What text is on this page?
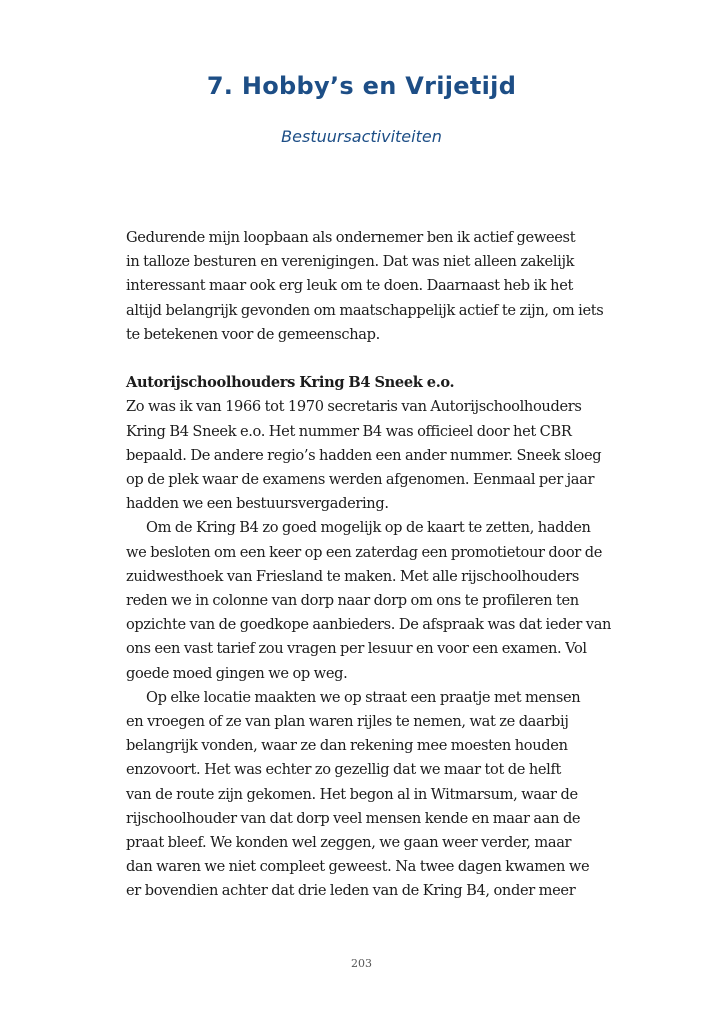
7. Hobby’s en Vrijetijd
Bestuursactiviteiten
Gedurende mijn loopbaan als ondernemer ben ik actief geweest
in talloze besturen en verenigingen. Dat was niet alleen zakelijk
interessant maar ook erg leuk om te doen. Daarnaast heb ik het
altijd belangrijk gevonden om maatschappelijk actief te zijn, om iets
te betekenen voor de gemeenschap.
Autorijschoolhouders Kring B4 Sneek e.o.
Zo was ik van 1966 tot 1970 secretaris van Autorijschoolhouders
Kring B4 Sneek e.o. Het nummer B4 was officieel door het CBR
bepaald. De andere regio’s hadden een ander nummer. Sneek sloeg
op de plek waar de examens werden afgenomen. Eenmaal per jaar
hadden we een bestuursvergadering.
Om de Kring B4 zo goed mogelijk op de kaart te zetten, hadden
we besloten om een keer op een zaterdag een promotietour door de
zuidwesthoek van Friesland te maken. Met alle rijschoolhouders
reden we in colonne van dorp naar dorp om ons te profileren ten
opzichte van de goedkope aanbieders. De afspraak was dat ieder van
ons een vast tarief zou vragen per lesuur en voor een examen. Vol
goede moed gingen we op weg.
Op elke locatie maakten we op straat een praatje met mensen
en vroegen of ze van plan waren rijles te nemen, wat ze daarbij
belangrijk vonden, waar ze dan rekening mee moesten houden
enzovoort. Het was echter zo gezellig dat we maar tot de helft
van de route zijn gekomen. Het begon al in Witmarsum, waar de
rijschoolhouder van dat dorp veel mensen kende en maar aan de
praat bleef. We konden wel zeggen, we gaan weer verder, maar
dan waren we niet compleet geweest. Na twee dagen kwamen we
er bovendien achter dat drie leden van de Kring B4, onder meer
203
